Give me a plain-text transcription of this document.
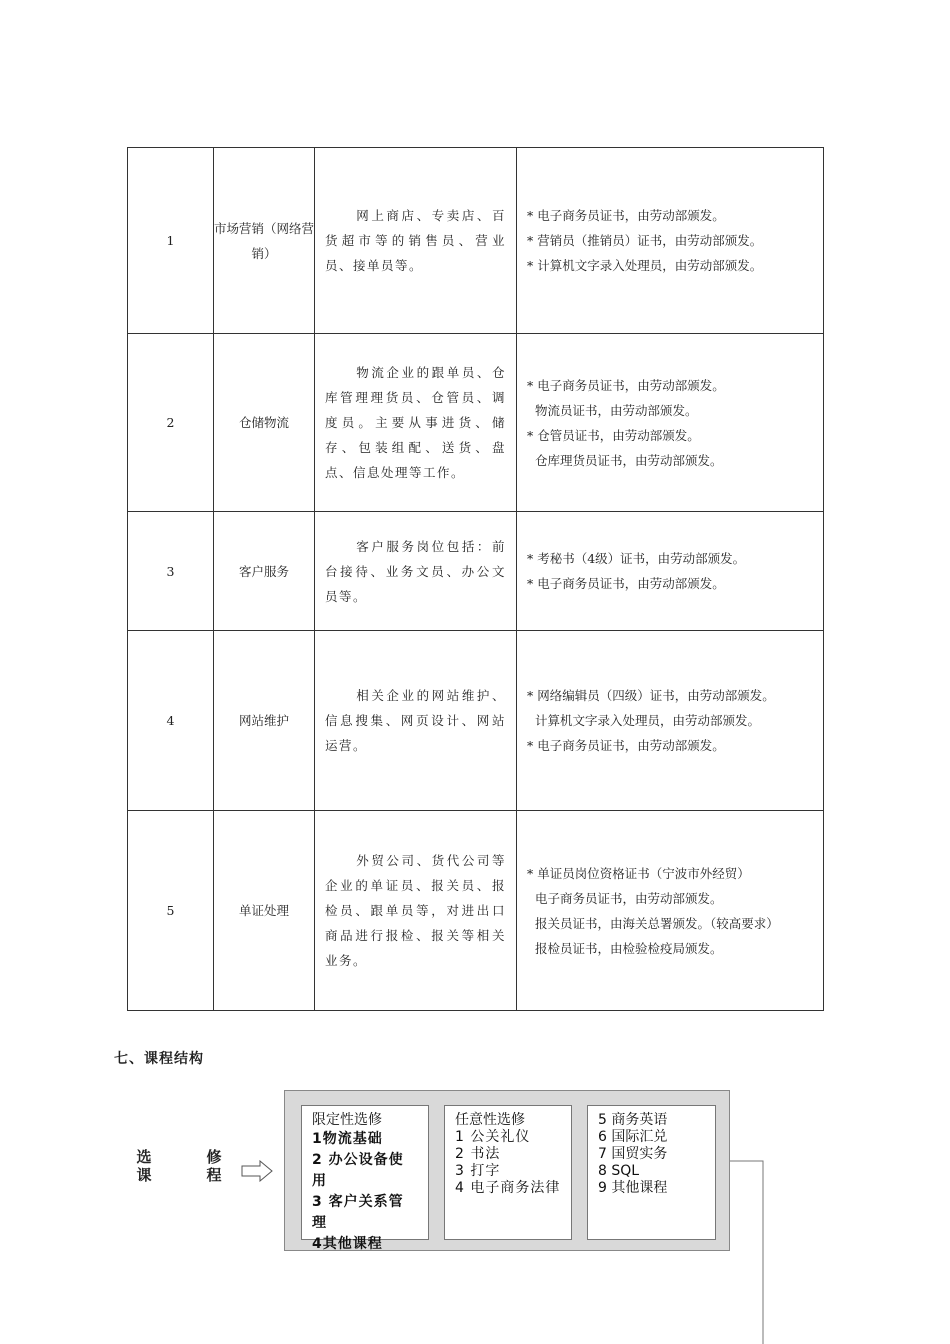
1	市场营销（网络营销）	网上商店、专卖店、百货超市等的销售员、营业员、接单员等。	* 电子商务员证书，由劳动部颁发。
* 营销员（推销员）证书，由劳动部颁发。
* 计算机文字录入处理员，由劳动部颁发。

2	仓储物流	物流企业的跟单员、仓库管理理货员、仓管员、调度员。主要从事进货、储存、包装组配、送货、盘点、信息处理等工作。	* 电子商务员证书，由劳动部颁发。
物流员证书，由劳动部颁发。
* 仓管员证书，由劳动部颁发。
仓库理货员证书，由劳动部颁发。

3	客户服务	客户服务岗位包括：前台接待、业务文员、办公文员等。	* 考秘书（4级）证书，由劳动部颁发。
* 电子商务员证书，由劳动部颁发。

4	网站维护	相关企业的网站维护、信息搜集、网页设计、网站运营。	* 网络编辑员（四级）证书，由劳动部颁发。
计算机文字录入处理员，由劳动部颁发。
* 电子商务员证书，由劳动部颁发。

5	单证处理	外贸公司、货代公司等企业的单证员、报关员、报检员、跟单员等，对进出口商品进行报检、报关等相关业务。	* 单证员岗位资格证书（宁波市外经贸）
电子商务员证书，由劳动部颁发。
报关员证书，由海关总署颁发。（较高要求）
报检员证书，由检验检疫局颁发。
七、课程结构
选课
修程
限定性选修
1物流基础
2 办公设备使用
3 客户关系管理
4其他课程
任意性选修
1 公关礼仪
2 书法
3 打字
4 电子商务法律
5 商务英语
6 国际汇兑
7 国贸实务
8 SQL
9 其他课程
